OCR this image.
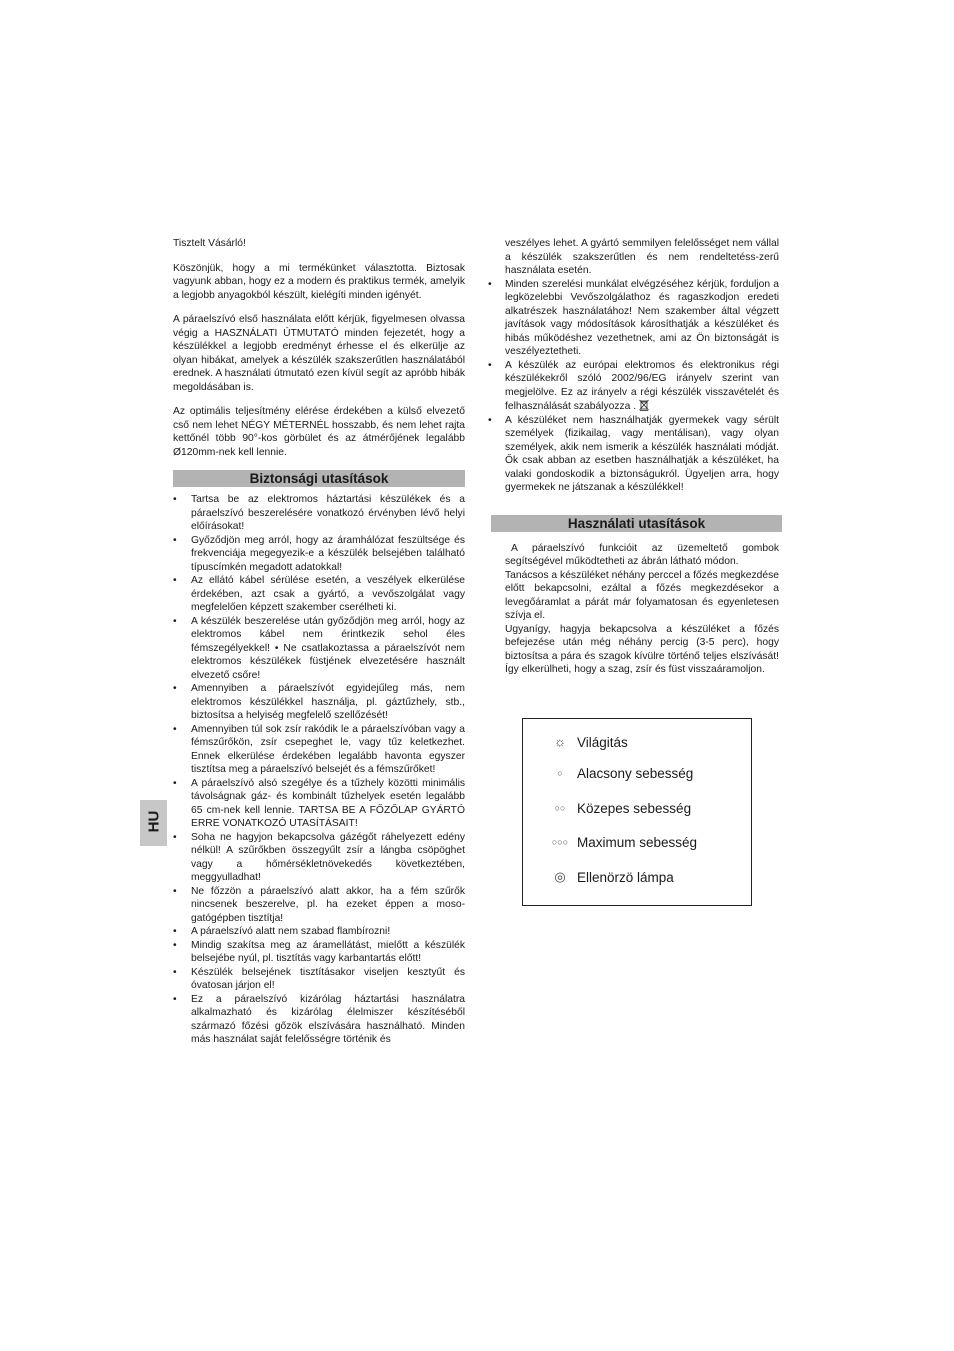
Tisztelt Vásárló!

Köszönjük, hogy a mi termékünket választotta. Biztosak vagyunk abban, hogy ez a modern és praktikus termék, amelyik a legjobb anyagokból készült, kielégíti minden igényét.

A páraelszívó első használata előtt kérjük, figyelmesen olvassa végig a HASZNÁLATI ÚTMUTATÓ minden fejezetét, hogy a készülékkel a legjobb eredményt érhesse el és elkerülje az olyan hibákat, amelyek a készülék szakszerűtlen használatából erednek. A használati útmutató ezen kívül segít az apróbb hibák megoldásában is.

Az optimális teljesítmény elérése érdekében a külső elvezető cső nem lehet NÉGY MÉTERNÉL hosszabb, és nem lehet rajta kettőnél több 90°-kos görbület és az átmérőjének legalább Ø120mm-nek kell lennie.

Biztonsági utasítások
• Tartsa be az elektromos háztartási készülékek és a páraelszívó beszerelésére vonatkozó érvényben lévő helyi előírásokat!
• Győződjön meg arról, hogy az áramhálózat feszültsége és frekvenciája megegyezik-e a készülék belsejében található típuscímkén megadott adatokkal!
• Az ellátó kábel sérülése esetén, a veszélyek elkerülése érdekében, azt csak a gyártó, a vevőszolgálat vagy megfelelően képzett szakember cserélheti ki.
• A készülék beszerelése után győződjön meg arról, hogy az elektromos kábel nem érintkezik sehol éles fémszegélyekkel! • Ne csatlakoztassa a páraelszívót nem elektromos készülékek füstjének elvezetésére használt elvezető csőre!
• Amennyiben a páraelszívót egyidejűleg más, nem elektromos készülékkel használja, pl. gáztűzhely, stb., biztosítsa a helyiség megfelelő szellőzését!
• Amennyiben túl sok zsír rakódik le a páraelszívóban vagy a fémszűrőkön, zsír csepeghet le, vagy tűz keletkezhet. Ennek elkerülése érdekében legalább havonta egyszer tisztítsa meg a páraelszívó belsejét és a fémszűrőket!
• A páraelszívó alsó szegélye és a tűzhely közötti minimális távolságnak gáz- és kombinált tűzhelyek esetén legalább 65 cm-nek kell lennie. TARTSA BE A FŐZŐLAP GYÁRTÓ ERRE VONATKOZÓ UTASÍTÁSAIT!
• Soha ne hagyjon bekapcsolva gázégőt ráhelyezett edény nélkül! A szűrőkben összegyűlt zsír a lángba csöpöghet vagy a hőmérsékletnövekedés következtében, meggyulladhat!
• Ne főzzön a páraelszívó alatt akkor, ha a fém szűrők nincsenek beszerelve, pl. ha ezeket éppen a moso-gatógépben tisztítja!
• A páraelszívó alatt nem szabad flambírozni!
• Mindig szakítsa meg az áramellátást, mielőtt a készülék belsejébe nyúl, pl. tisztítás vagy karbantartás előtt!
• Készülék belsejének tisztításakor viseljen kesztyűt és óvatosan járjon el!
• Ez a páraelszívó kizárólag háztartási használatra alkalmazható és kizárólag élelmiszer készítéséből származó főzési gőzök elszívására használható. Minden más használat saját felelősségre történik és

veszélyes lehet. A gyártó semmilyen felelősséget nem vállal a készülék szakszerűtlen és nem rendeltetéss-zerű használata esetén.

• Minden szerelési munkálat elvégzéséhez kérjük, forduljon a legközelebbi Vevőszolgálathoz és ragaszkodjon eredeti alkatrészek használatához! Nem szakember által végzett javítások vagy módosítások károsíthatják a készüléket és hibás működéshez vezethetnek, ami az Ön biztonságát is veszélyeztetheti.
• A készülék az európai elektromos és elektronikus régi készülékekről szóló 2002/96/EG irányelv szerint van megjelölve. Ez az irányelv a régi készülék visszavételét és felhasználását szabályozza .
• A készüléket nem használhatják gyermekek vagy sérült személyek (fizikailag, vagy mentálisan), vagy olyan személyek, akik nem ismerik a készülék használati módját. Ők csak abban az esetben használhatják a készüléket, ha valaki gondoskodik a biztonságukról. Ügyeljen arra, hogy gyermekek ne játszanak a készülékkel!
Használati utasítások

A páraelszívó funkcióit az üzemeltető gombok segítségével működtetheti az ábrán látható módon.

Tanácsos a készüléket néhány perccel a főzés megkezdése előtt bekapcsolni, ezáltal a főzés megkezdésekor a levegőáramlat a párát már folyamatosan és egyenletesen szívja el.

Ugyanígy, hagyja bekapcsolva a készüléket a főzés befejezése után még néhány percig (3-5 perc), hogy biztosítsa a pára és szagok kívülre történő teljes elszívását! Így elkerülheti, hogy a szag, zsír és füst visszaáramoljon.

HU
☼ Világitás
○	Alacsony sebesség
○○ Közepes sebesség
○○○ Maximum sebesség
◎ Ellenörzö lámpa
